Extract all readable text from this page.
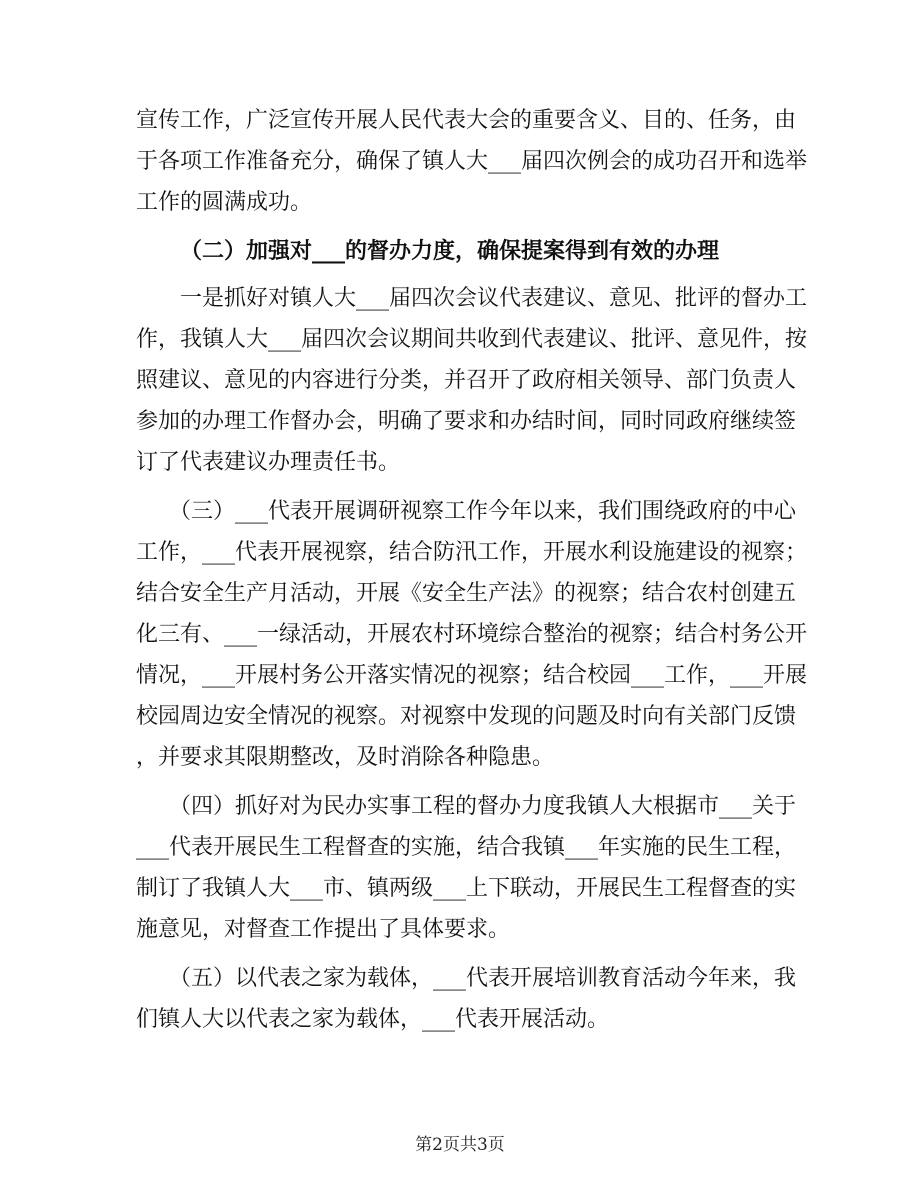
宣传工作，广泛宣传开展人民代表大会的重要含义、目的、任务，由
于各项工作准备充分，确保了镇人大___届四次例会的成功召开和选举
工作的圆满成功。
（二）加强对___的督办力度，确保提案得到有效的办理
　　一是抓好对镇人大___届四次会议代表建议、意见、批评的督办工
作，我镇人大___届四次会议期间共收到代表建议、批评、意见件，按
照建议、意见的内容进行分类，并召开了政府相关领导、部门负责人
参加的办理工作督办会，明确了要求和办结时间，同时同政府继续签
订了代表建议办理责任书。
　　（三）___代表开展调研视察工作今年以来，我们围绕政府的中心
工作，___代表开展视察，结合防汛工作，开展水利设施建设的视察；
结合安全生产月活动，开展《安全生产法》的视察；结合农村创建五
化三有、___一绿活动，开展农村环境综合整治的视察；结合村务公开
情况，___开展村务公开落实情况的视察；结合校园___工作，___开展
校园周边安全情况的视察。对视察中发现的问题及时向有关部门反馈
，并要求其限期整改，及时消除各种隐患。
　　（四）抓好对为民办实事工程的督办力度我镇人大根据市___关于
___代表开展民生工程督查的实施，结合我镇___年实施的民生工程，
制订了我镇人大___市、镇两级___上下联动，开展民生工程督查的实
施意见，对督查工作提出了具体要求。
　　（五）以代表之家为载体，___代表开展培训教育活动今年来，我
们镇人大以代表之家为载体，___代表开展活动。
第2页共3页
